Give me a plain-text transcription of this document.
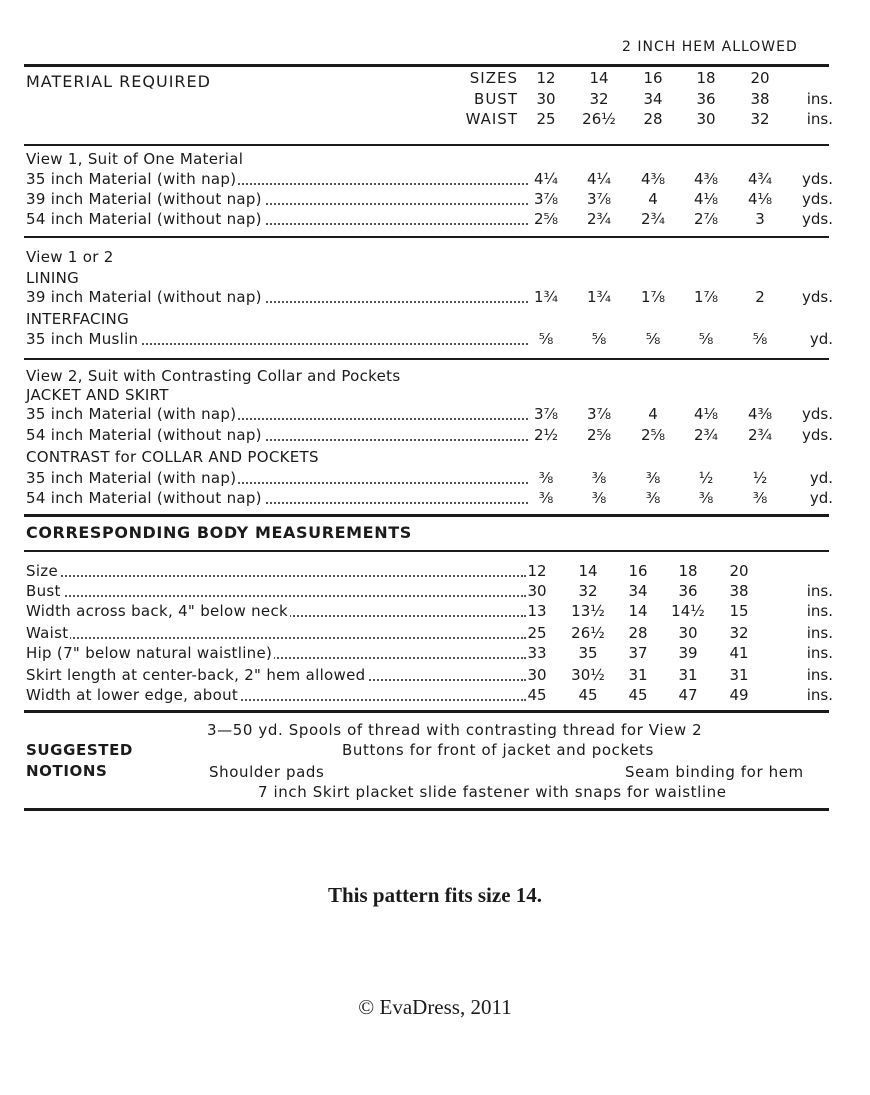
2 INCH HEM ALLOWED
MATERIAL REQUIRED	SIZES	12	14	16	18	20
BUST	30	32	34	36	38	ins.
WAIST	25	26½	28	30	32	ins.
View 1, Suit of One Material
35 inch Material (with nap)	4¼	4¼	4⅜	4⅜	4¾	yds.
39 inch Material (without nap)	3⅞	3⅞	4	4⅛	4⅛	yds.
54 inch Material (without nap)	2⅝	2¾	2¾	2⅞	3	yds.
View 1 or 2
LINING
39 inch Material (without nap)	1¾	1¾	1⅞	1⅞	2	yds.
INTERFACING
35 inch Muslin	⅝	⅝	⅝	⅝	⅝	yd.
View 2, Suit with Contrasting Collar and Pockets
JACKET AND SKIRT
35 inch Material (with nap)	3⅞	3⅞	4	4⅛	4⅜	yds.
54 inch Material (without nap)	2½	2⅝	2⅝	2¾	2¾	yds.
CONTRAST for COLLAR AND POCKETS
35 inch Material (with nap)	⅜	⅜	⅜	½	½	yd.
54 inch Material (without nap)	⅜	⅜	⅜	⅜	⅜	yd.
CORRESPONDING BODY MEASUREMENTS
Size	12	14	16	18	20
Bust	30	32	34	36	38	ins.
Width across back, 4" below neck	13	13½	14	14½	15	ins.
Waist	25	26½	28	30	32	ins.
Hip (7" below natural waistline)	33	35	37	39	41	ins.
Skirt length at center-back, 2" hem allowed	30	30½	31	31	31	ins.
Width at lower edge, about	45	45	45	47	49	ins.
SUGGESTED
NOTIONS
3—50 yd. Spools of thread with contrasting thread for View 2
Buttons for front of jacket and pockets
Shoulder pads	Seam binding for hem
7 inch Skirt placket slide fastener with snaps for waistline
This pattern fits size 14.
© EvaDress, 2011
